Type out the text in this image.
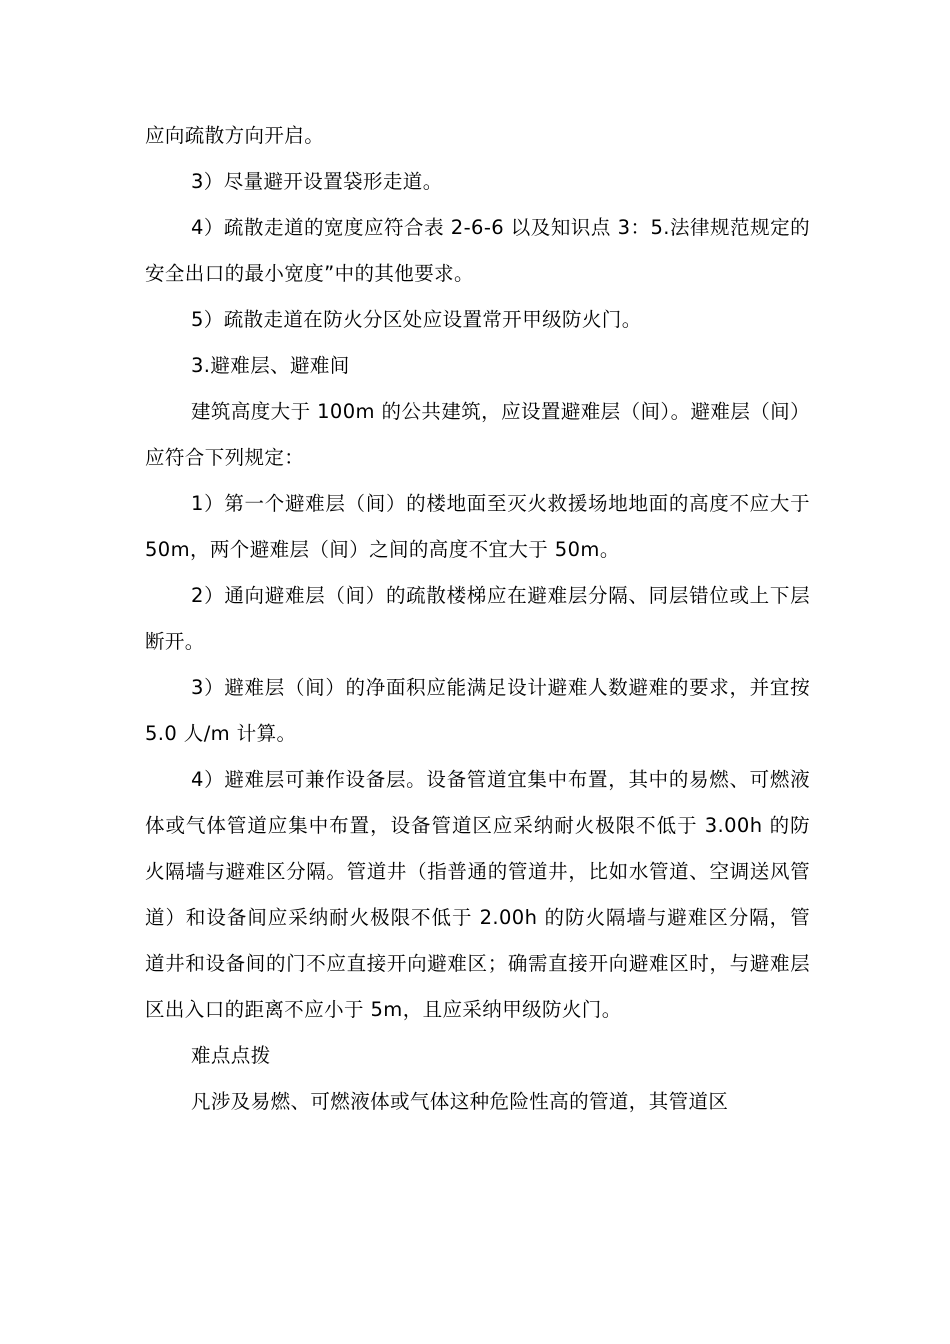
应向疏散方向开启。

3）尽量避开设置袋形走道。

4）疏散走道的宽度应符合表 2-6-6 以及知识点 3：5.法律规范规定的安全出口的最小宽度”中的其他要求。

5）疏散走道在防火分区处应设置常开甲级防火门。

3.避难层、避难间

建筑高度大于 100m 的公共建筑，应设置避难层（间）。避难层（间）应符合下列规定：

1）第一个避难层（间）的楼地面至灭火救援场地地面的高度不应大于 50m，两个避难层（间）之间的高度不宜大于 50m。

2）通向避难层（间）的疏散楼梯应在避难层分隔、同层错位或上下层断开。

3）避难层（间）的净面积应能满足设计避难人数避难的要求，并宜按 5.0 人/m 计算。

4）避难层可兼作设备层。设备管道宜集中布置，其中的易燃、可燃液体或气体管道应集中布置，设备管道区应采纳耐火极限不低于 3.00h 的防火隔墙与避难区分隔。管道井（指普通的管道井，比如水管道、空调送风管道）和设备间应采纳耐火极限不低于 2.00h 的防火隔墙与避难区分隔，管道井和设备间的门不应直接开向避难区；确需直接开向避难区时，与避难层区出入口的距离不应小于 5m，且应采纳甲级防火门。

难点点拨

凡涉及易燃、可燃液体或气体这种危险性高的管道，其管道区
